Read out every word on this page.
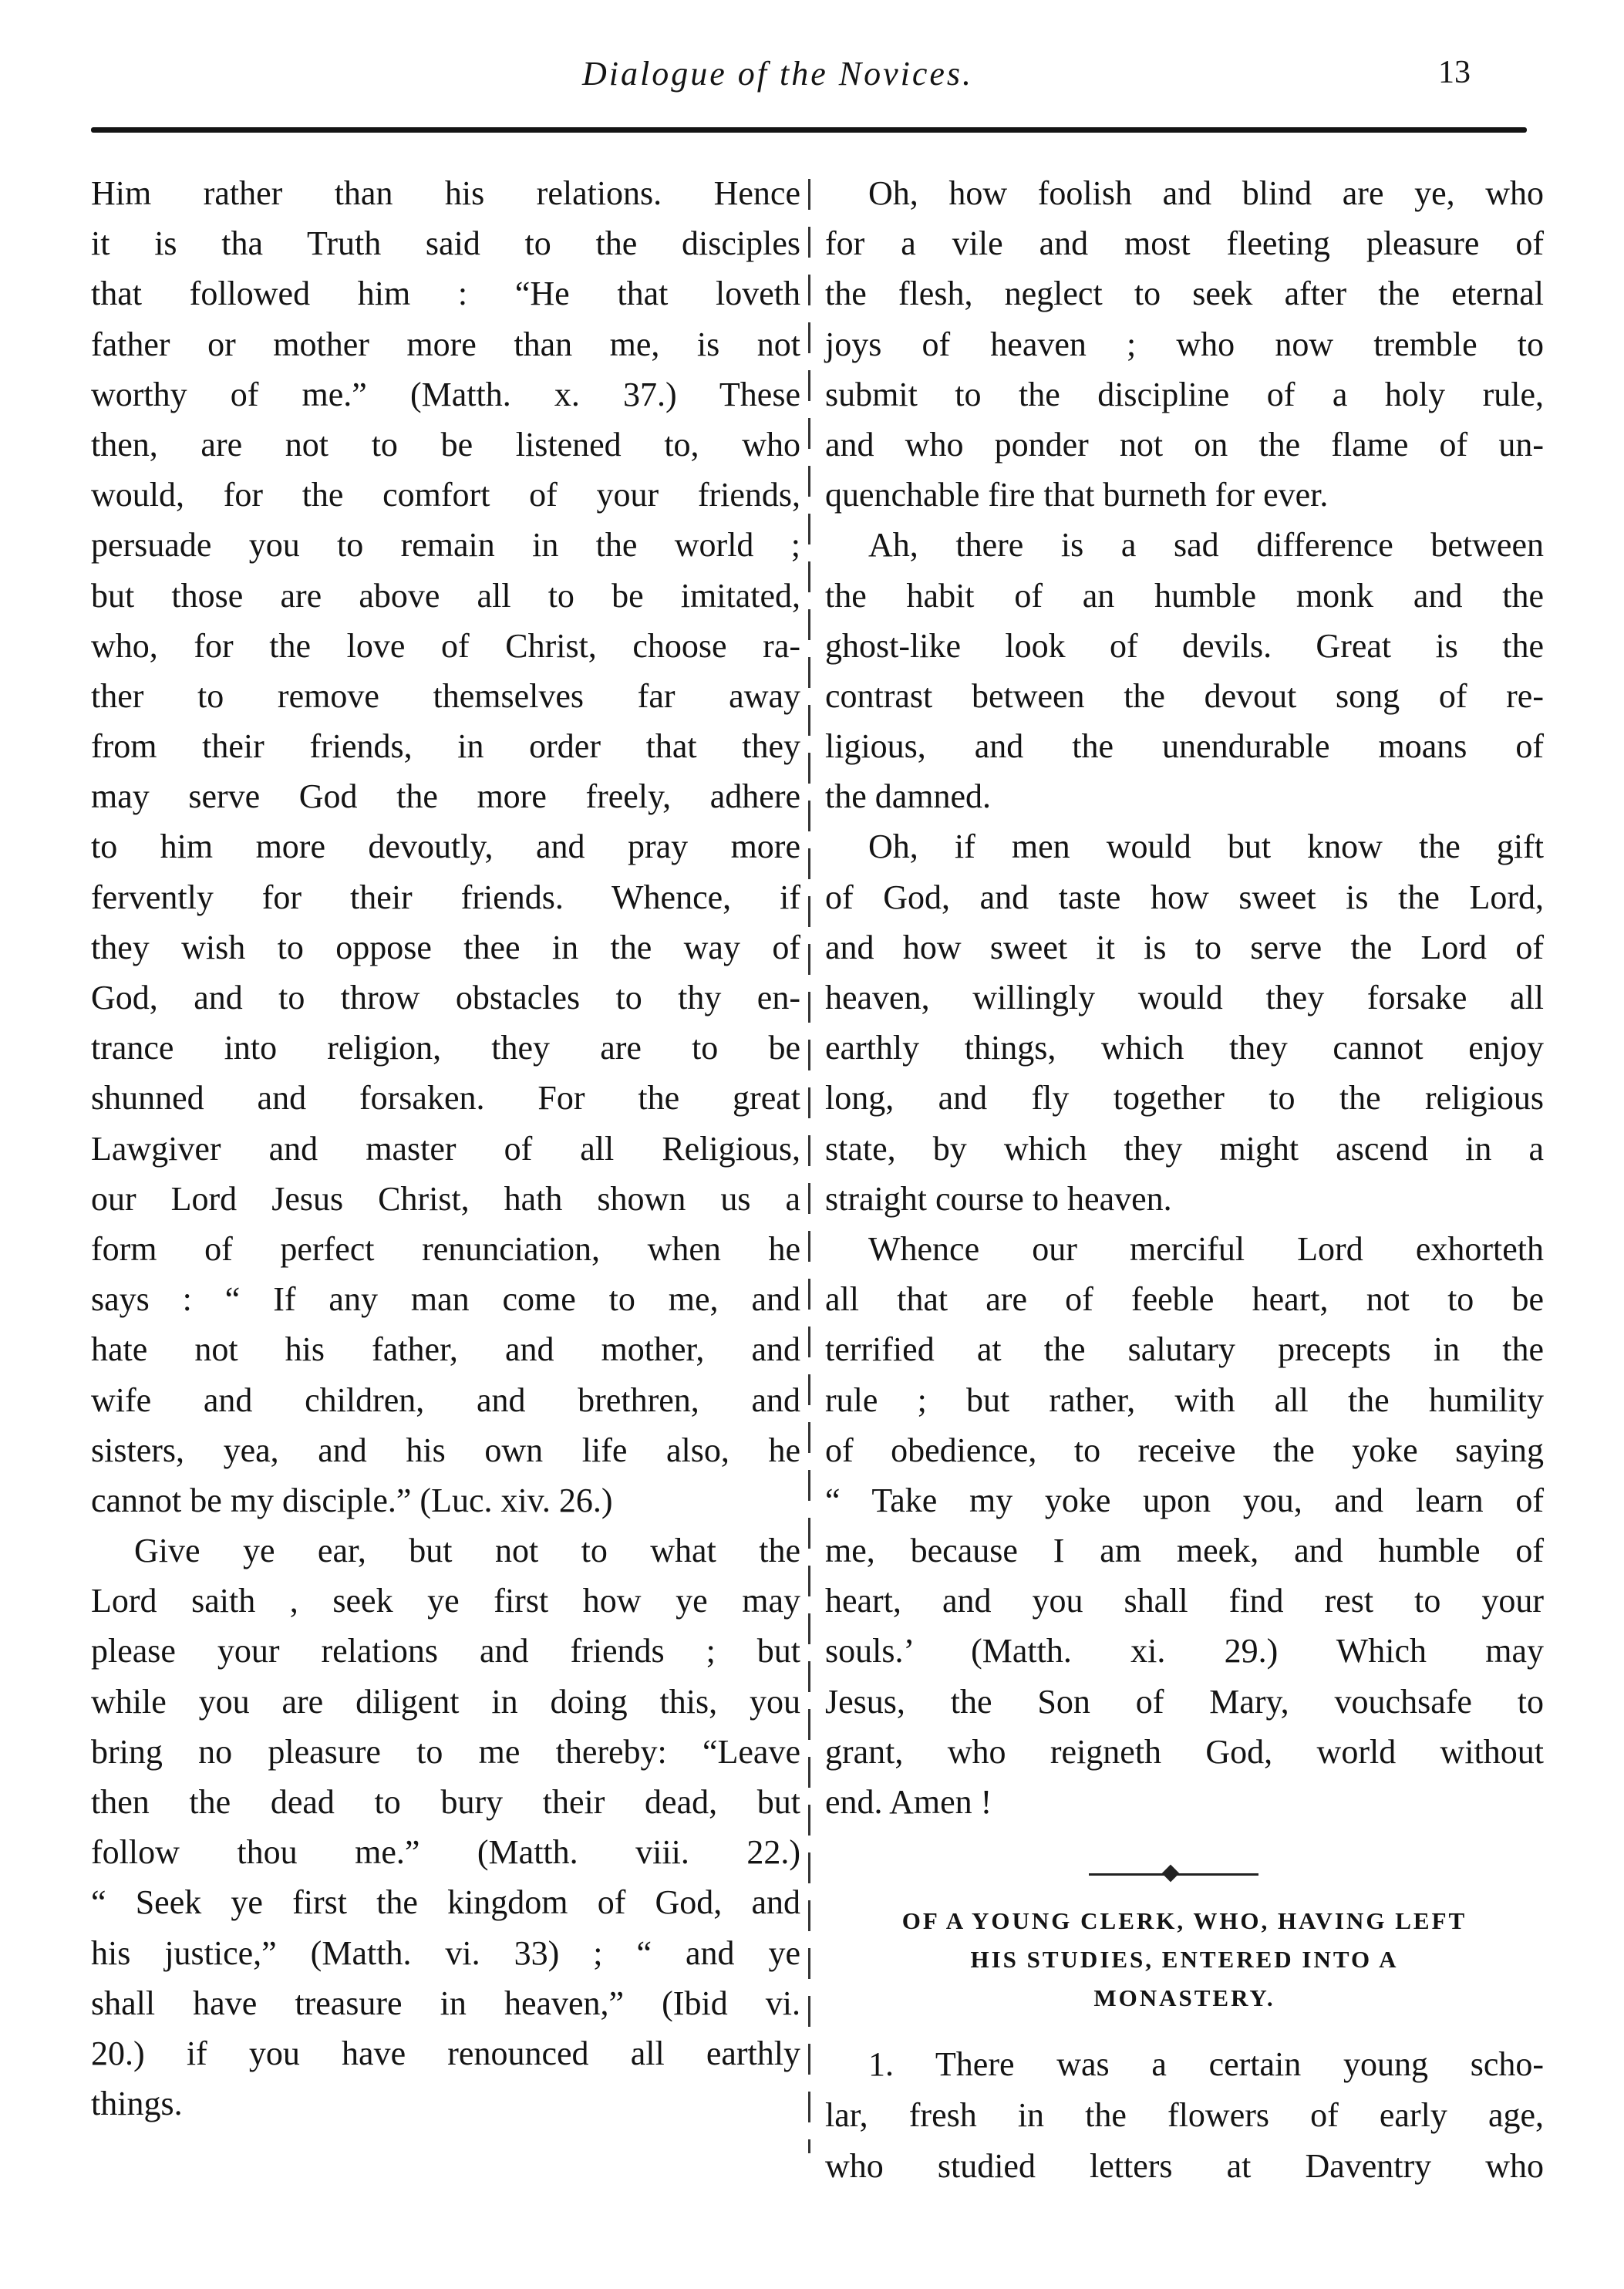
Dialogue of the Novices.	13

Him rather than his relations. Hence
it is tha Truth said to the disciples
that followed him : “He that loveth
father or mother more than me, is not
worthy of me.” (Matth. x. 37.) These
then, are not to be listened to, who
would, for the comfort of your friends,
persuade you to remain in the world ;
but those are above all to be imitated,
who, for the love of Christ, choose ra-
ther to remove themselves far away
from their friends, in order that they
may serve God the more freely, adhere
to him more devoutly, and pray more
fervently for their friends. Whence, if
they wish to oppose thee in the way of
God, and to throw obstacles to thy en-
trance into religion, they are to be
shunned and forsaken. For the great
Lawgiver and master of all Religious,
our Lord Jesus Christ, hath shown us a
form of perfect renunciation, when he
says : “ If any man come to me, and
hate not his father, and mother, and
wife and children, and brethren, and
sisters, yea, and his own life also, he
cannot be my disciple.” (Luc. xiv. 26.)

Give ye ear, but not to what the
Lord saith , seek ye first how ye may
please your relations and friends ; but
while you are diligent in doing this, you
bring no pleasure to me thereby: “Leave
then the dead to bury their dead, but
follow thou me.” (Matth. viii. 22.)
“ Seek ye first the kingdom of God, and
his justice,” (Matth. vi. 33) ; “ and ye
shall have treasure in heaven,” (Ibid vi.
20.) if you have renounced all earthly
things.

Oh, how foolish and blind are ye, who
for a vile and most fleeting pleasure of
the flesh, neglect to seek after the eternal
joys of heaven ; who now tremble to
submit to the discipline of a holy rule,
and who ponder not on the flame of un-
quenchable fire that burneth for ever.

Ah, there is a sad difference between
the habit of an humble monk and the
ghost-like look of devils. Great is the
contrast between the devout song of re-
ligious, and the unendurable moans of
the damned.

Oh, if men would but know the gift
of God, and taste how sweet is the Lord,
and how sweet it is to serve the Lord of
heaven, willingly would they forsake all
earthly things, which they cannot enjoy
long, and fly together to the religious
state, by which they might ascend in a
straight course to heaven.

Whence our merciful Lord exhorteth
all that are of feeble heart, not to be
terrified at the salutary precepts in the
rule ; but rather, with all the humility
of obedience, to receive the yoke saying
“ Take my yoke upon you, and learn of
me, because I am meek, and humble of
heart, and you shall find rest to your
souls.’ (Matth. xi. 29.) Which may
Jesus, the Son of Mary, vouchsafe to
grant, who reigneth God, world without
end. Amen !

OF A YOUNG CLERK, WHO, HAVING LEFT
HIS STUDIES, ENTERED INTO A
MONASTERY.
1. There was a certain young scho-
lar, fresh in the flowers of early age,
who studied letters at Daventry who
